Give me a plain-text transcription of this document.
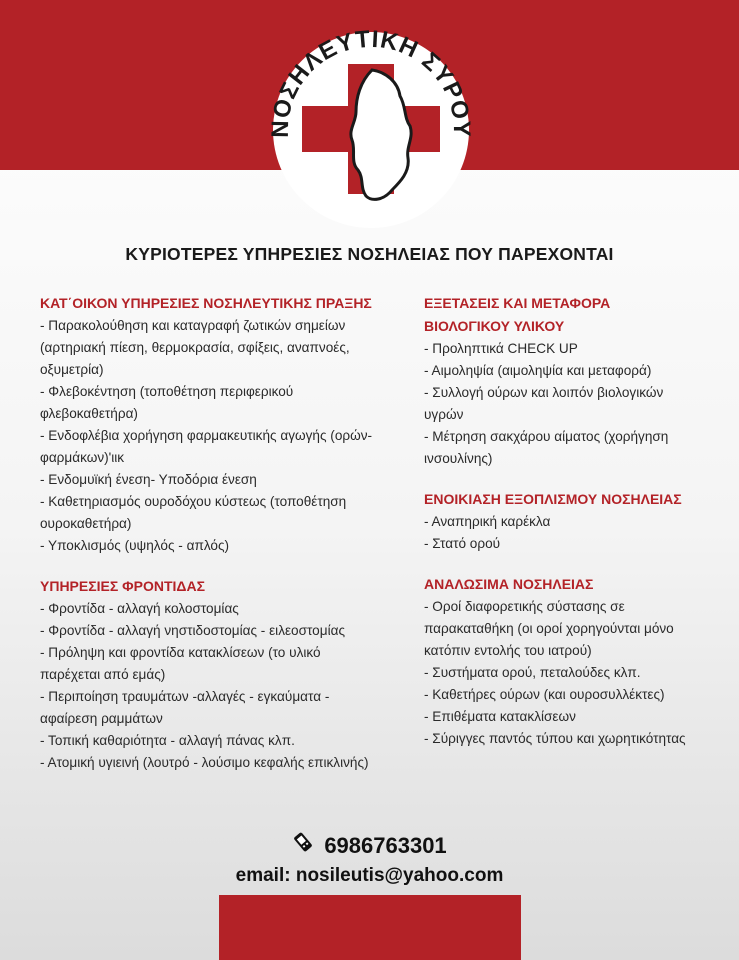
ΝΟΣΗΛΕΥΤΙΚΗ ΣΥΡΟΥ
ΚΥΡΙΟΤΕΡΕΣ ΥΠΗΡΕΣΙΕΣ ΝΟΣΗΛΕΙΑΣ ΠΟΥ ΠΑΡΕΧΟΝΤΑΙ
ΚΑΤ΄ΟΙΚΟΝ ΥΠΗΡΕΣΙΕΣ ΝΟΣΗΛΕΥΤΙΚΗΣ ΠΡΑΞΗΣ
- Παρακολούθηση και καταγραφή ζωτικών σημείων
(αρτηριακή πίεση, θερμοκρασία, σφίξεις, αναπνοές,
οξυμετρία)
- Φλεβοκέντηση (τοποθέτηση περιφερικού
φλεβοκαθετήρα)
- Ενδοφλέβια χορήγηση φαρμακευτικής αγωγής (ορών-
φαρμάκων)'ιικ
- Ενδομυϊκή ένεση- Υποδόρια ένεση
- Καθετηριασμός ουροδόχου κύστεως (τοποθέτηση
ουροκαθετήρα)
- Υποκλισμός (υψηλός - απλός)
ΥΠΗΡΕΣΙΕΣ ΦΡΟΝΤΙΔΑΣ
- Φροντίδα - αλλαγή κολοστομίας
- Φροντίδα - αλλαγή νηστιδοστομίας - ειλεοστομίας
- Πρόληψη και φροντίδα κατακλίσεων (το υλικό
παρέχεται από εμάς)
- Περιποίηση τραυμάτων -αλλαγές - εγκαύματα -
αφαίρεση ραμμάτων
- Τοπική καθαριότητα - αλλαγή πάνας κλπ.
- Ατομική υγιεινή (λουτρό - λούσιμο κεφαλής επικλινής)
ΕΞΕΤΑΣΕΙΣ ΚΑΙ ΜΕΤΑΦΟΡΑ
ΒΙΟΛΟΓΙΚΟΥ ΥΛΙΚΟΥ
- Προληπτικά CHECK UP
- Αιμοληψία (αιμοληψία και μεταφορά)
- Συλλογή ούρων και λοιπόν βιολογικών
υγρών
- Μέτρηση σακχάρου αίματος (χορήγηση
ινσουλίνης)
ΕΝΟΙΚΙΑΣΗ ΕΞΟΠΛΙΣΜΟΥ ΝΟΣΗΛΕΙΑΣ
- Αναπηρική καρέκλα
- Στατό ορού
ΑΝΑΛΩΣΙΜΑ ΝΟΣΗΛΕΙΑΣ
- Οροί διαφορετικής σύστασης σε
παρακαταθήκη (οι οροί χορηγούνται μόνο
κατόπιν εντολής του ιατρού)
- Συστήματα ορού, πεταλούδες κλπ.
- Καθετήρες ούρων (και ουροσυλλέκτες)
- Επιθέματα κατακλίσεων
- Σύριγγες παντός τύπου και χωρητικότητας
6986763301
email: nosileutis@yahoo.com
